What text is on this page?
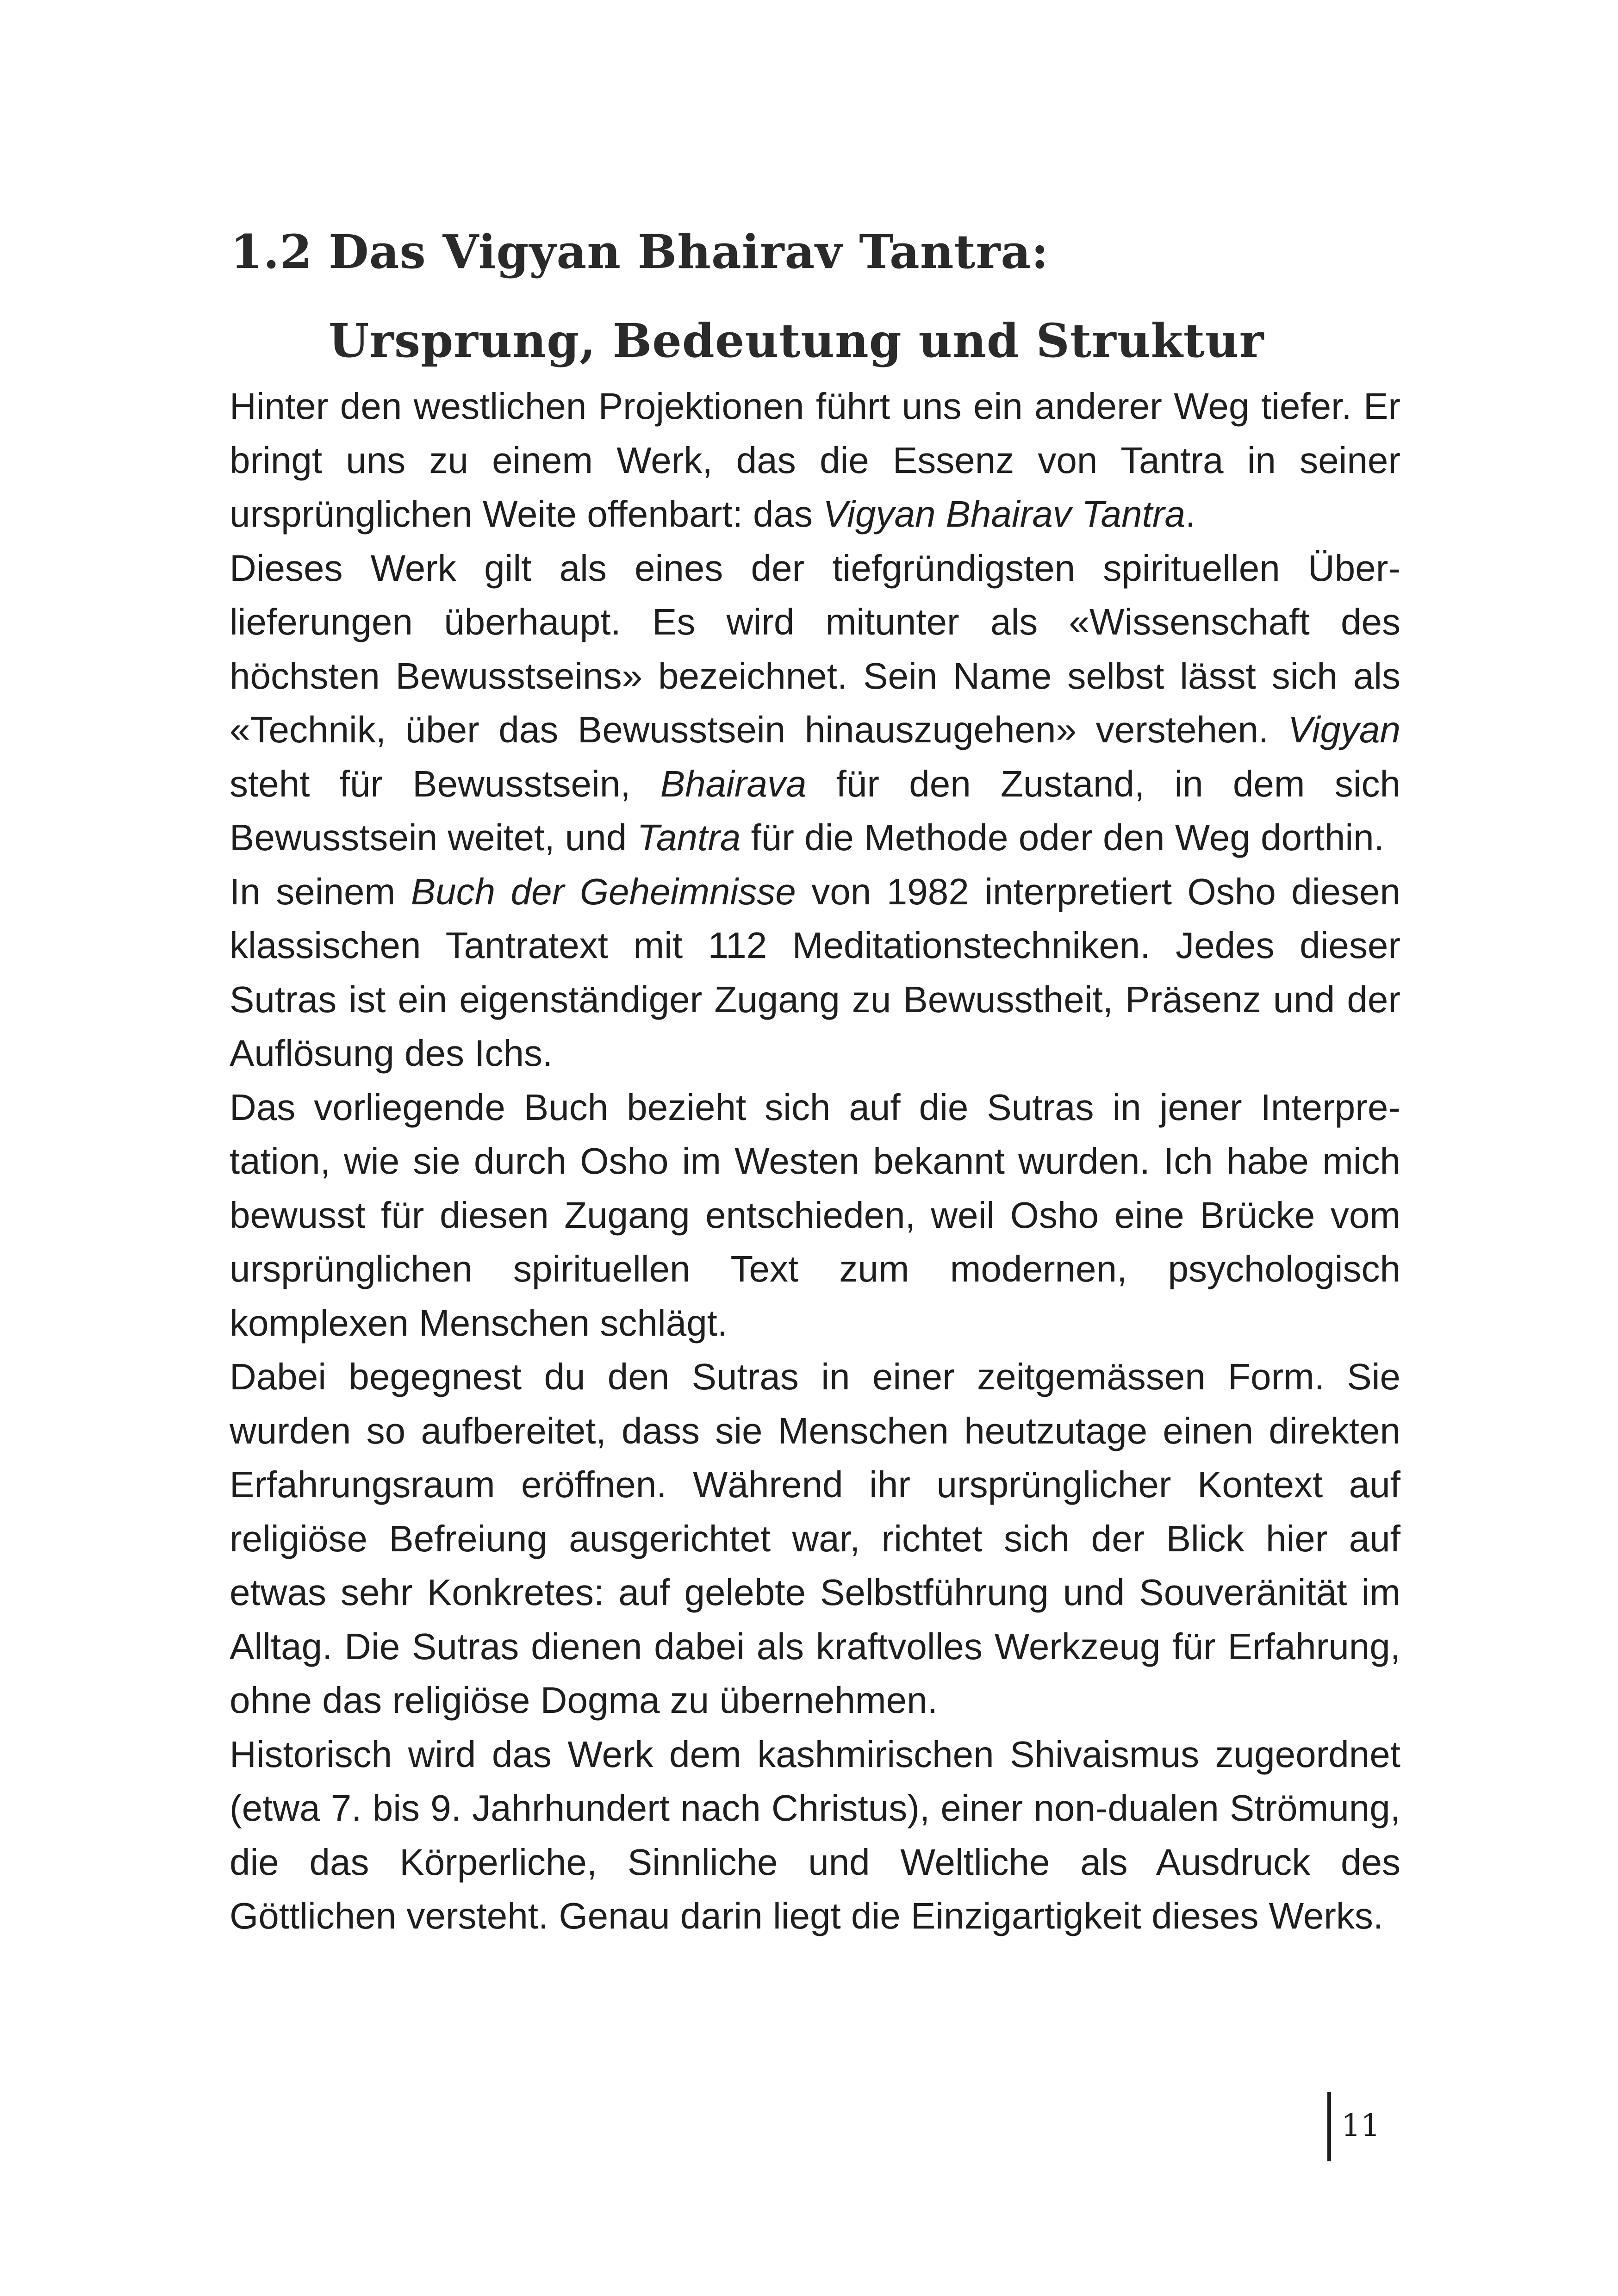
1.2 Das Vigyan Bhairav Tantra:
Ursprung, Bedeutung und Struktur

Hinter den westlichen Projektionen führt uns ein anderer Weg tiefer. Er bringt uns zu einem Werk, das die Essenz von Tantra in seiner ursprünglichen Weite offenbart: das Vigyan Bhairav Tantra.

Dieses Werk gilt als eines der tiefgründigsten spirituellen Überlieferungen überhaupt. Es wird mitunter als «Wissenschaft des höchsten Bewusstseins» bezeichnet. Sein Name selbst lässt sich als «Technik, über das Bewusstsein hinauszugehen» verstehen. Vigyan steht für Bewusstsein, Bhairava für den Zustand, in dem sich Bewusstsein weitet, und Tantra für die Methode oder den Weg dorthin.

In seinem Buch der Geheimnisse von 1982 interpretiert Osho diesen klassischen Tantratext mit 112 Meditationstechniken. Jedes dieser Sutras ist ein eigenständiger Zugang zu Bewusstheit, Präsenz und der Auflösung des Ichs.

Das vorliegende Buch bezieht sich auf die Sutras in jener Interpretation, wie sie durch Osho im Westen bekannt wurden. Ich habe mich bewusst für diesen Zugang entschieden, weil Osho eine Brücke vom ursprünglichen spirituellen Text zum modernen, psychologisch komplexen Menschen schlägt.

Dabei begegnest du den Sutras in einer zeitgemässen Form. Sie wurden so aufbereitet, dass sie Menschen heutzutage einen direkten Erfahrungsraum eröffnen. Während ihr ursprünglicher Kontext auf religiöse Befreiung ausgerichtet war, richtet sich der Blick hier auf etwas sehr Konkretes: auf gelebte Selbstführung und Souveränität im Alltag. Die Sutras dienen dabei als kraftvolles Werkzeug für Erfahrung, ohne das religiöse Dogma zu übernehmen.

Historisch wird das Werk dem kashmirischen Shivaismus zugeordnet (etwa 7. bis 9. Jahrhundert nach Christus), einer non-dualen Strömung, die das Körperliche, Sinnliche und Weltliche als Ausdruck des Göttlichen versteht. Genau darin liegt die Einzigartigkeit dieses Werks.

11
